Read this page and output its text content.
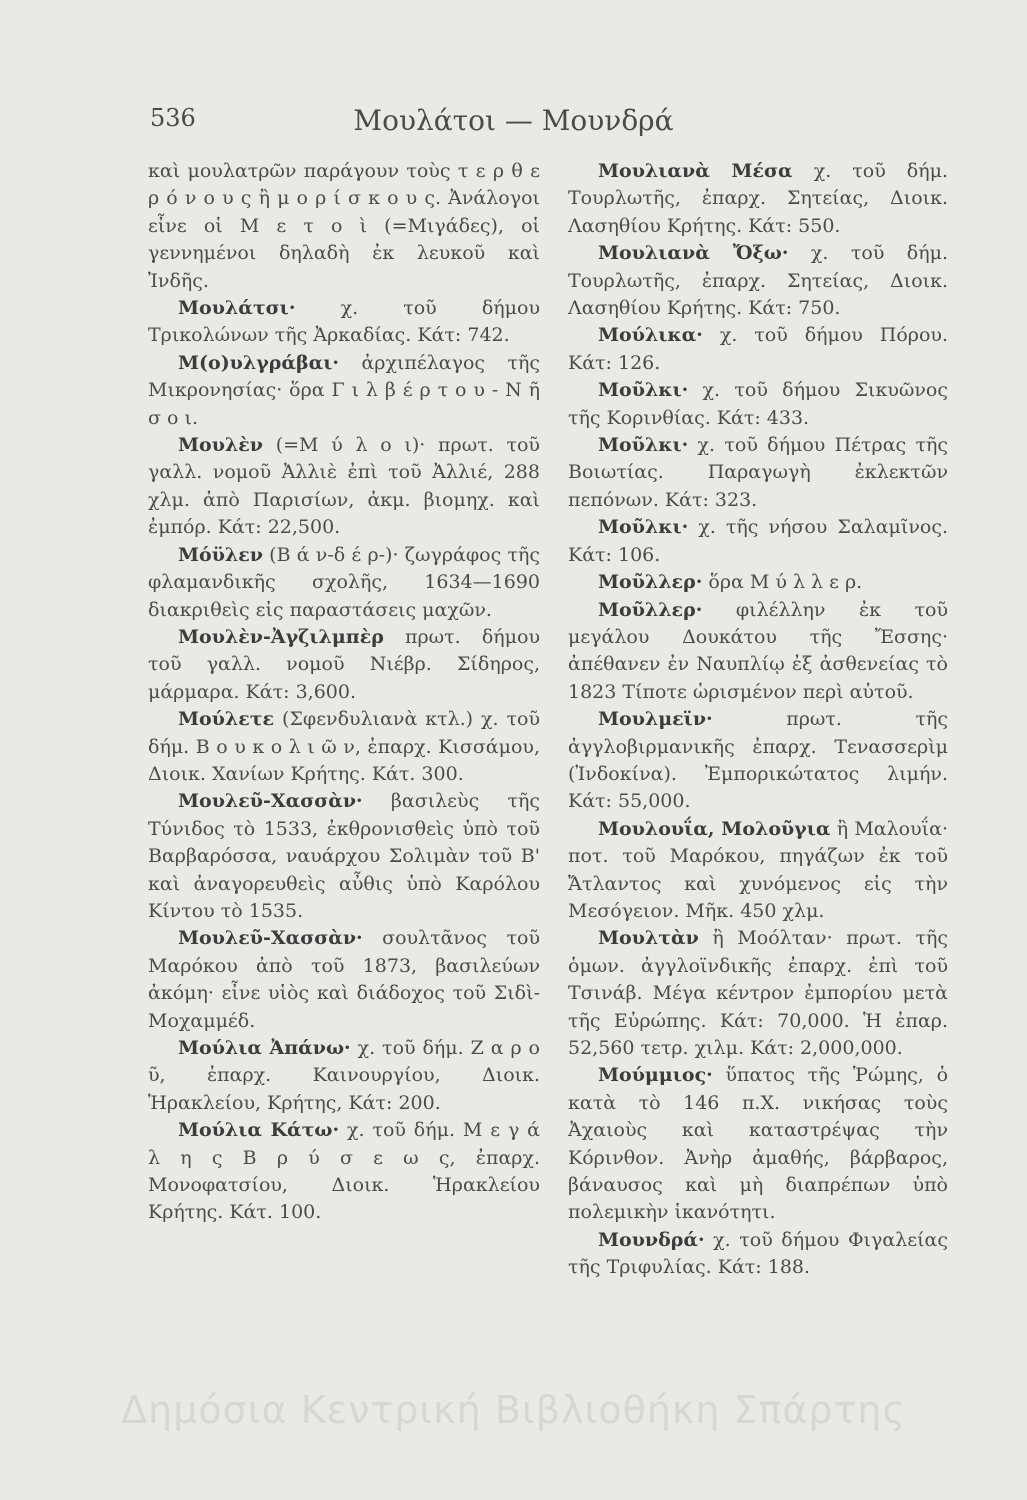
536	Μουλάτοι — Μουνδρά

καὶ μουλατρῶν παράγουν τοὺς τ ε ρ θ ε ρ ό ν ο υ ς ἢ μ ο ρ ί σ κ ο υ ς. Ἀνάλογοι εἶνε οἱ Μ ε τ ο ὶ (=Μιγάδες), οἱ γεννημένοι δηλαδὴ ἐκ λευκοῦ καὶ Ἰνδῆς.

Μουλάτσι· χ. τοῦ δήμου Τρικολώνων τῆς Ἀρκαδίας. Κάτ: 742.

Μ(ο)υλγράβαι· ἀρχιπέλαγος τῆς Μικρονησίας· ὅρα Γ ι λ β έ ρ τ ο υ - Ν ῆ σ ο ι.

Μουλὲν (=Μ ύ λ ο ι)· πρωτ. τοῦ γαλλ. νομοῦ Ἀλλιὲ ἐπὶ τοῦ Ἀλλιέ, 288 χλμ. ἀπὸ Παρισίων, ἀκμ. βιομηχ. καὶ ἐμπόρ. Κάτ: 22,500.

Μόϋλεν (Β ά ν-δ έ ρ-)· ζωγράφος τῆς φλαμανδικῆς σχολῆς, 1634—1690 διακριθεὶς εἰς παραστάσεις μαχῶν.

Μουλὲν-Ἀγζιλμπὲρ πρωτ. δήμου τοῦ γαλλ. νομοῦ Νιέβρ. Σίδηρος, μάρμαρα. Κάτ: 3,600.

Μούλετε (Σφενδυλιανὰ κτλ.) χ. τοῦ δήμ. Β ο υ κ ο λ ι ῶ ν, ἐπαρχ. Κισσάμου, Διοικ. Χανίων Κρήτης. Κάτ. 300.

Μουλεῦ-Χασσὰν· βασιλεὺς τῆς Τύνιδος τὸ 1533, ἐκθρονισθεὶς ὑπὸ τοῦ Βαρβαρόσσα, ναυάρχου Σολιμὰν τοῦ Β' καὶ ἀναγορευθεὶς αὖθις ὑπὸ Καρόλου Κίντου τὸ 1535.

Μουλεῦ-Χασσὰν· σουλτᾶνος τοῦ Μαρόκου ἀπὸ τοῦ 1873, βασιλεύων ἀκόμη· εἶνε υἱὸς καὶ διάδοχος τοῦ Σιδὶ-Μοχαμμέδ.

Μούλια Ἀπάνω· χ. τοῦ δήμ. Ζ α ρ ο ῦ, ἐπαρχ. Καινουργίου, Διοικ. Ἡρακλείου, Κρήτης, Κάτ: 200.

Μούλια Κάτω· χ. τοῦ δήμ. Μ ε γ ά λ η ς Β ρ ύ σ ε ω ς, ἐπαρχ. Μονοφατσίου, Διοικ. Ἡρακλείου Κρήτης. Κάτ. 100.

Μουλιανὰ Μέσα χ. τοῦ δήμ. Τουρλωτῆς, ἐπαρχ. Σητείας, Διοικ. Λασηθίου Κρήτης. Κάτ: 550.

Μουλιανὰ Ὄξω· χ. τοῦ δήμ. Τουρλωτῆς, ἐπαρχ. Σητείας, Διοικ. Λασηθίου Κρήτης. Κάτ: 750.

Μούλικα· χ. τοῦ δήμου Πόρου. Κάτ: 126.

Μοῦλκι· χ. τοῦ δήμου Σικυῶνος τῆς Κορινθίας. Κάτ: 433.

Μοῦλκι· χ. τοῦ δήμου Πέτρας τῆς Βοιωτίας. Παραγωγὴ ἐκλεκτῶν πεπόνων. Κάτ: 323.

Μοῦλκι· χ. τῆς νήσου Σαλαμῖνος. Κάτ: 106.

Μοῦλλερ· ὅρα Μ ύ λ λ ε ρ.

Μοῦλλερ· φιλέλλην ἐκ τοῦ μεγάλου Δουκάτου τῆς Ἔσσης· ἀπέθανεν ἐν Ναυπλίῳ ἐξ ἀσθενείας τὸ 1823 Τίποτε ὡρισμένον περὶ αὐτοῦ.

Μουλμεϊν·	πρωτ. τῆς ἀγγλοβιρμανικῆς ἐπαρχ. Τενασσερὶμ (Ἰνδοκίνα). Ἐμπορικώτατος λιμήν. Κάτ: 55,000.

Μουλουΐα, Μολοῦγια ἢ Μαλουΐα· ποτ. τοῦ Μαρόκου, πηγάζων ἐκ τοῦ Ἄτλαντος καὶ χυνόμενος εἰς τὴν Μεσόγειον. Μῆκ. 450 χλμ.

Μουλτὰν ἢ Μοόλταν· πρωτ. τῆς ὁμων. ἀγγλοϊνδικῆς ἐπαρχ. ἐπὶ τοῦ Τσινάβ. Μέγα κέντρον ἐμπορίου μετὰ τῆς Εὐρώπης. Κάτ: 70,000. Ἡ ἐπαρ. 52,560 τετρ. χιλμ. Κάτ: 2,000,000.

Μούμμιος· ὕπατος τῆς Ῥώμης, ὁ κατὰ τὸ 146 π.Χ. νικήσας τοὺς Ἀχαιοὺς καὶ καταστρέψας τὴν Κόρινθον. Ἀνὴρ ἀμαθής, βάρβαρος, βάναυσος καὶ μὴ διαπρέπων ὑπὸ πολεμικὴν ἱκανότητι.

Μουνδρά· χ. τοῦ δήμου Φιγαλείας τῆς Τριφυλίας. Κάτ: 188.

Δημόσια Κεντρική Βιβλιοθήκη Σπάρτης
